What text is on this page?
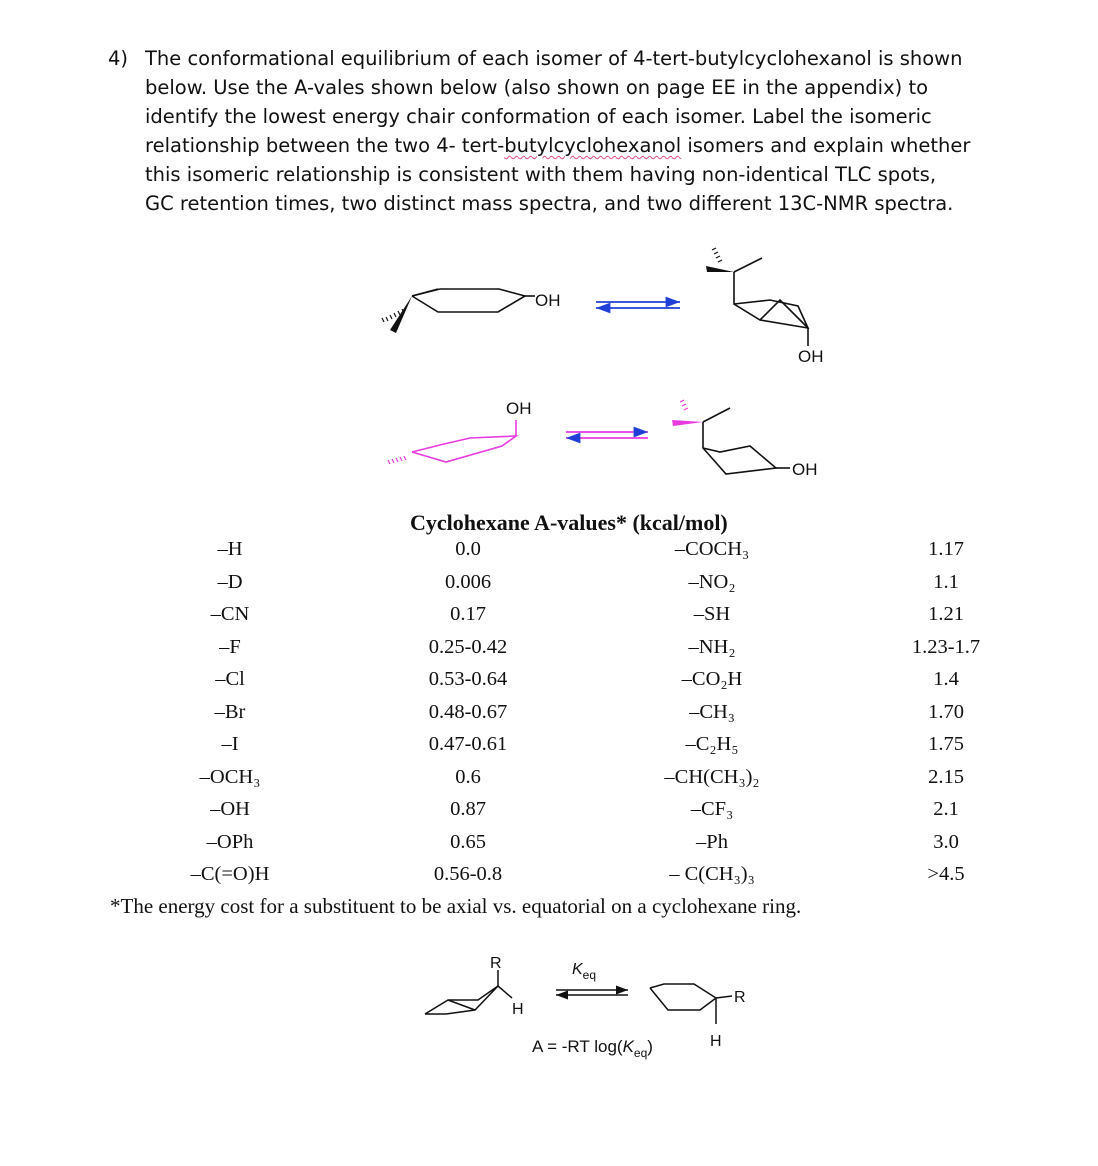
4) The conformational equilibrium of each isomer of 4-tert-butylcyclohexanol is shown
below. Use the A-vales shown below (also shown on page EE in the appendix) to
identify the lowest energy chair conformation of each isomer. Label the isomeric
relationship between the two 4- tert-butylcyclohexanol isomers and explain whether
this isomeric relationship is consistent with them having non-identical TLC spots,
GC retention times, two distinct mass spectra, and two different 13C-NMR spectra.
OH
OH
OH
OH
Cyclohexane A-values* (kcal/mol)
–H	0.0	–COCH₃	1.17
–D	0.006	–NO₂	1.1
–CN	0.17	–SH	1.21
–F	0.25-0.42	–NH₂	1.23-1.7
–Cl	0.53-0.64	–CO₂H	1.4
–Br	0.48-0.67	–CH₃	1.70
–I	0.47-0.61	–C₂H₅	1.75
–OCH₃	0.6	–CH(CH₃)₂	2.15
–OH	0.87	–CF₃	2.1
–OPh	0.65	–Ph	3.0
–C(=O)H	0.56-0.8	– C(CH₃)₃	>4.5
*The energy cost for a substituent to be axial vs. equatorial on a cyclohexane ring.
R
H
$K_{eq}$
R
H
A = -RT $\log(K_{eq})$
